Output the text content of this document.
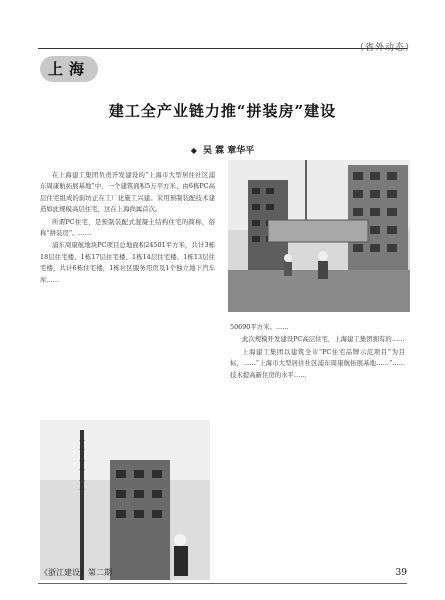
（省外动态）
上海
建工全产业链力推“拼装房”建设
◆ 吴 霖 章华平

在上海建工集团负责开发建设的“上海市大型居住社区浦东周康航拓展基地”中，一个建筑面积5万平方米、由6栋PC高层住宅组成的街坊正在工厂化施工兴建。采用预制装配技术建造如此规模高层住宅，这在上海尚属首次。

所谓PC住宅，是预制装配式混凝土结构住宅的简称，俗称“拼装房”。……

浦东周康航地块PC项目总地面积24501平方米，共计3栋18层住宅楼、1栋17层住宅楼、1栋14层住宅楼、1栋13层住宅楼，共计6栋住宅楼，1栋社区服务用房及1个独立地下汽车库……

50690平方米。……

此次规模开发建设PC高层住宅，上海建工集团拥有的……

上海建工集团以建筑全市“PC住宅品牌示范项目”为目标，……“上海市大型居住社区浦东周康航拓展基地……”……技术提高新住房的水平……

《浙江建设》第二期	39
